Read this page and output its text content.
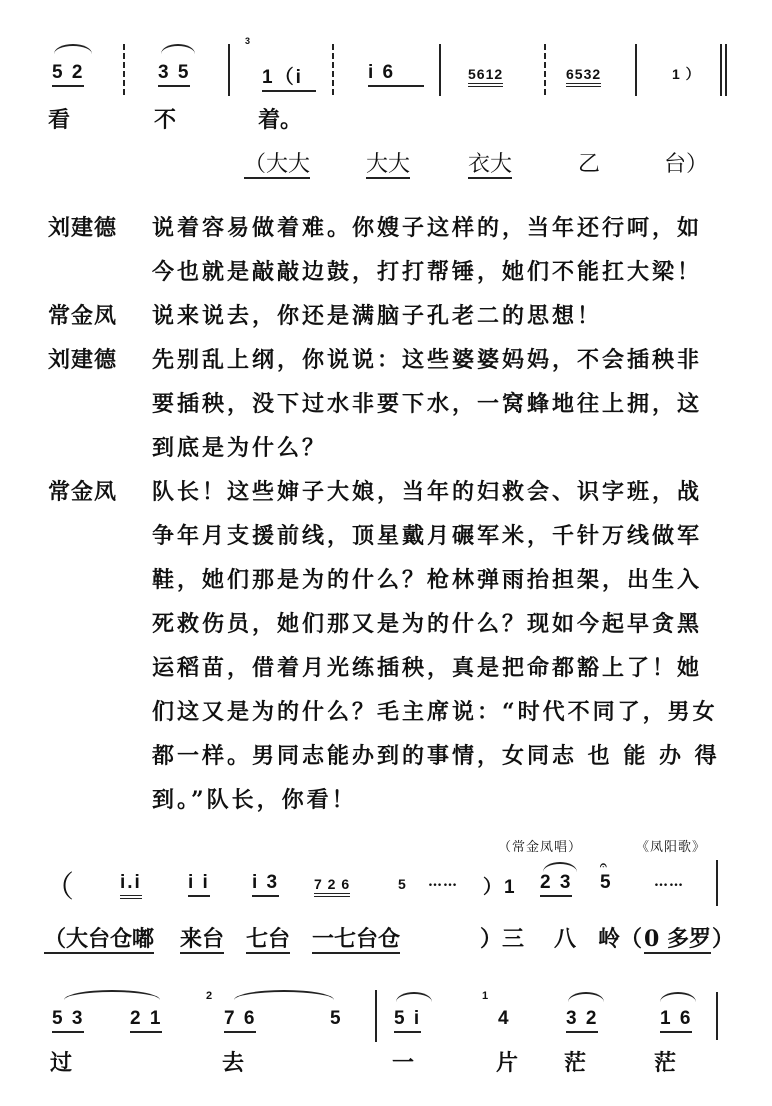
5 2	3 5
3
1（i	i 6	5612	6532	1 ）
看	不	着。
（大大	大大	衣大	乙	台）
刘建德 说着容易做着难。你嫂子这样的，当年还行呵，如
今也就是敲敲边鼓，打打帮锤，她们不能扛大梁！
常金凤 说来说去，你还是满脑子孔老二的思想！
刘建德 先别乱上纲，你说说：这些婆婆妈妈，不会插秧非
要插秧，没下过水非要下水，一窝蜂地往上拥，这
到底是为什么？
常金凤 队长！这些婶子大娘，当年的妇救会、识字班，战
争年月支援前线，顶星戴月碾军米，千针万线做军
鞋，她们那是为的什么？枪林弹雨抬担架，出生入
死救伤员，她们那又是为的什么？现如今起早贪黑
运稻苗，借着月光练插秧，真是把命都豁上了！她
们这又是为的什么？毛主席说：“时代不同了，男女
都一样。男同志能办到的事情，女同志 也 能 办 得
到。”队长，你看！
（常金凤唱）	《凤阳歌》
（ i.i i i i 3 7 2 6	5 …… ）1 2 3
𝄐
5	……
（大台仓嘟 来台 七台 一七台仓	）三 八 岭（ 0 多罗 ）
5 3 2 1
2
7 6	5	5 i
1
4	3 2	1 6
过	去	一	片 茫	茫
